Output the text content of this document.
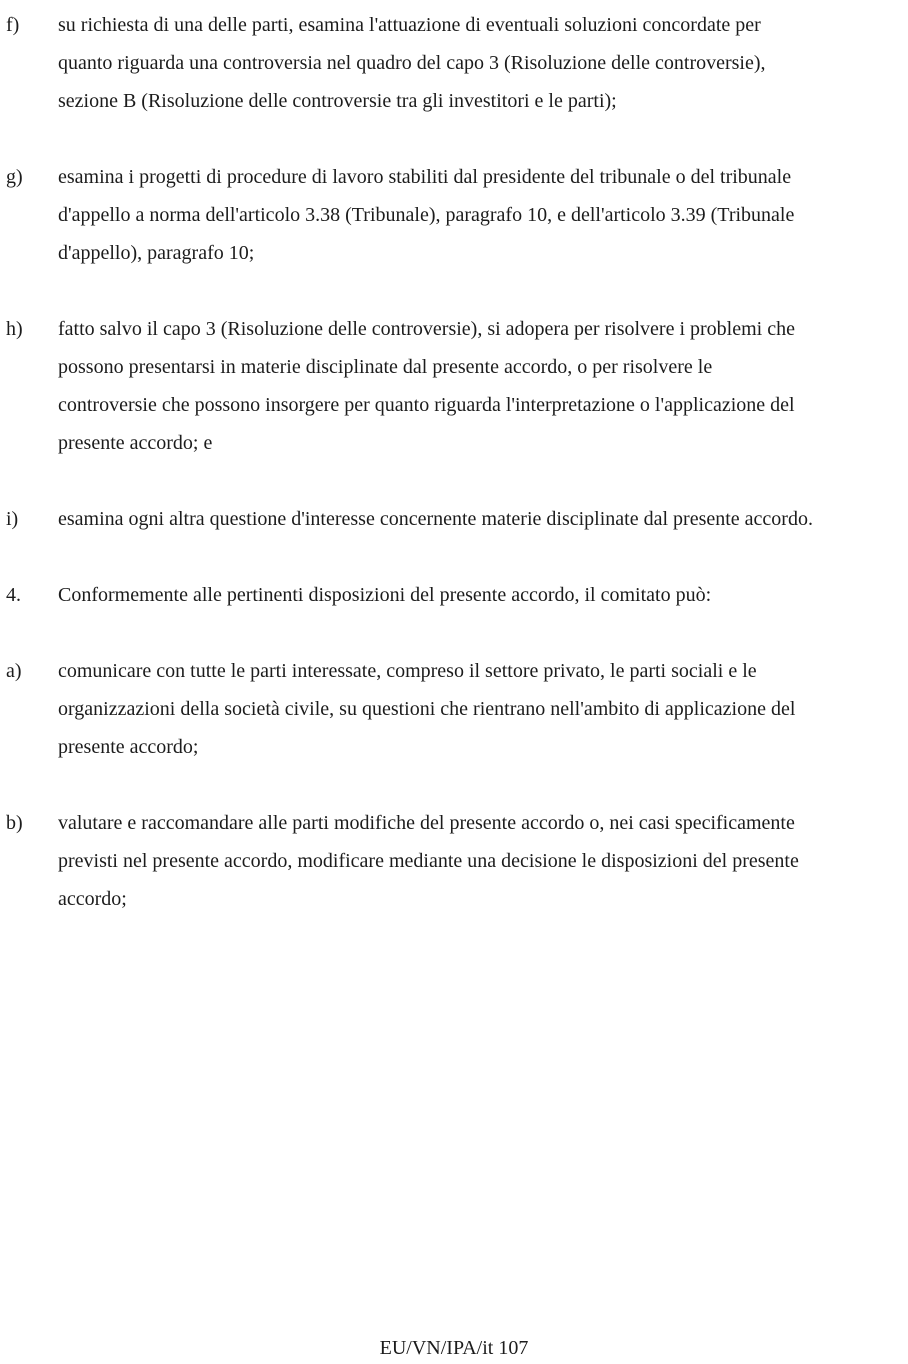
f)	su richiesta di una delle parti, esamina l'attuazione di eventuali soluzioni concordate per
quanto riguarda una controversia nel quadro del capo 3 (Risoluzione delle controversie),
sezione B (Risoluzione delle controversie tra gli investitori e le parti);
g)	esamina i progetti di procedure di lavoro stabiliti dal presidente del tribunale o del tribunale
d'appello a norma dell'articolo 3.38 (Tribunale), paragrafo 10, e dell'articolo 3.39 (Tribunale
d'appello), paragrafo 10;
h)	fatto salvo il capo 3 (Risoluzione delle controversie), si adopera per risolvere i problemi che
possono presentarsi in materie disciplinate dal presente accordo, o per risolvere le
controversie che possono insorgere per quanto riguarda l'interpretazione o l'applicazione del
presente accordo; e
i)	esamina ogni altra questione d'interesse concernente materie disciplinate dal presente accordo.
4.	Conformemente alle pertinenti disposizioni del presente accordo, il comitato può:
a)	comunicare con tutte le parti interessate, compreso il settore privato, le parti sociali e le
organizzazioni della società civile, su questioni che rientrano nell'ambito di applicazione del
presente accordo;
b)	valutare e raccomandare alle parti modifiche del presente accordo o, nei casi specificamente
previsti nel presente accordo, modificare mediante una decisione le disposizioni del presente
accordo;
EU/VN/IPA/it 107
